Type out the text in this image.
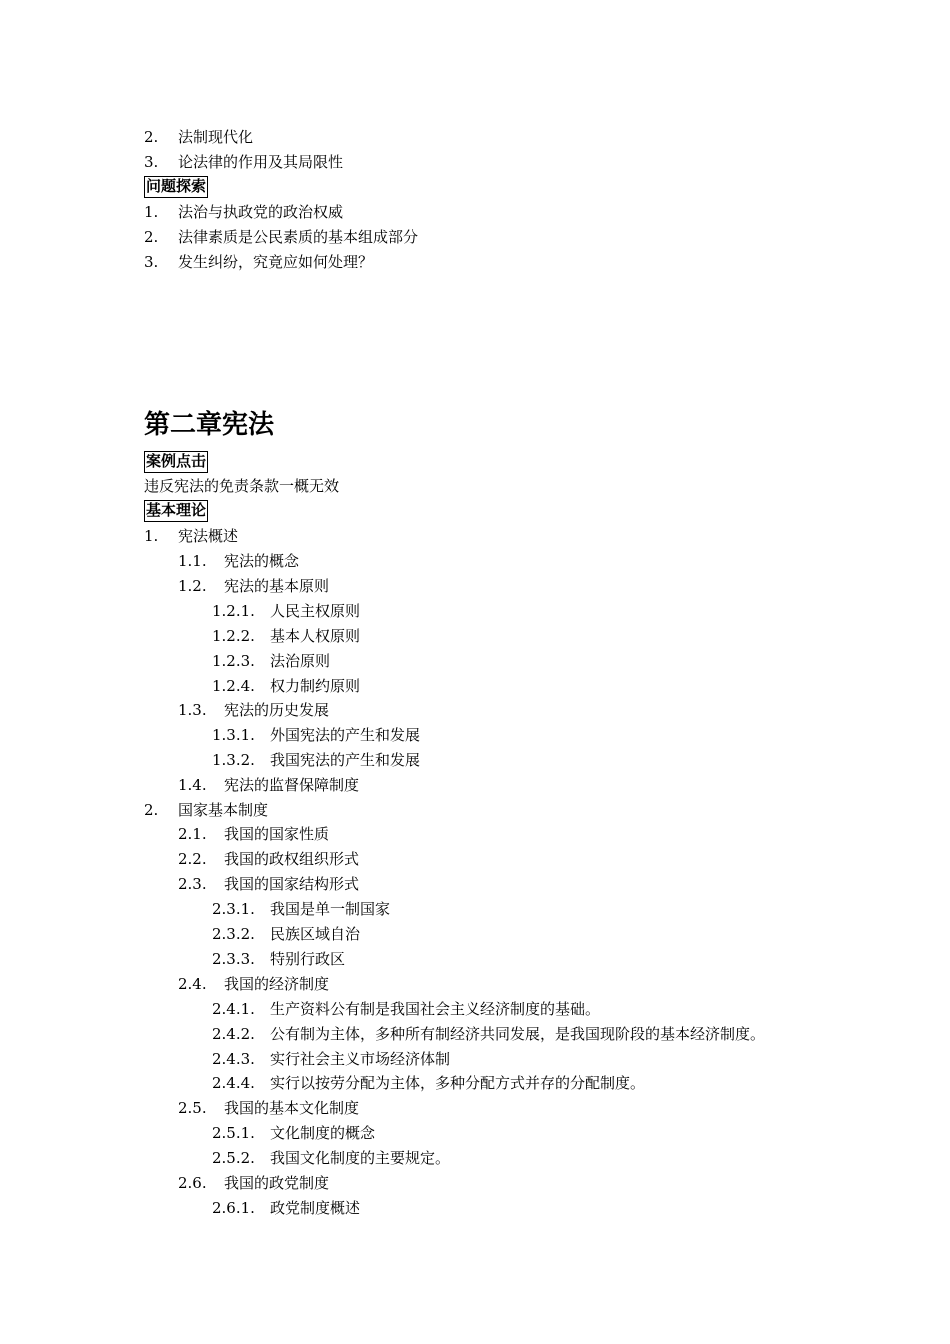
2. 法制现代化
3. 论法律的作用及其局限性
问题探索
1. 法治与执政党的政治权威
2. 法律素质是公民素质的基本组成部分
3. 发生纠纷，究竟应如何处理？
第二章宪法
案例点击
违反宪法的免责条款一概无效
基本理论
1. 宪法概述
1.1. 宪法的概念
1.2. 宪法的基本原则
1.2.1. 人民主权原则
1.2.2. 基本人权原则
1.2.3. 法治原则
1.2.4. 权力制约原则
1.3. 宪法的历史发展
1.3.1. 外国宪法的产生和发展
1.3.2. 我国宪法的产生和发展
1.4. 宪法的监督保障制度
2. 国家基本制度
2.1. 我国的国家性质
2.2. 我国的政权组织形式
2.3. 我国的国家结构形式
2.3.1. 我国是单一制国家
2.3.2. 民族区域自治
2.3.3. 特别行政区
2.4. 我国的经济制度
2.4.1. 生产资料公有制是我国社会主义经济制度的基础。
2.4.2. 公有制为主体，多种所有制经济共同发展，是我国现阶段的基本经济制度。
2.4.3. 实行社会主义市场经济体制
2.4.4. 实行以按劳分配为主体，多种分配方式并存的分配制度。
2.5. 我国的基本文化制度
2.5.1. 文化制度的概念
2.5.2. 我国文化制度的主要规定。
2.6. 我国的政党制度
2.6.1. 政党制度概述
